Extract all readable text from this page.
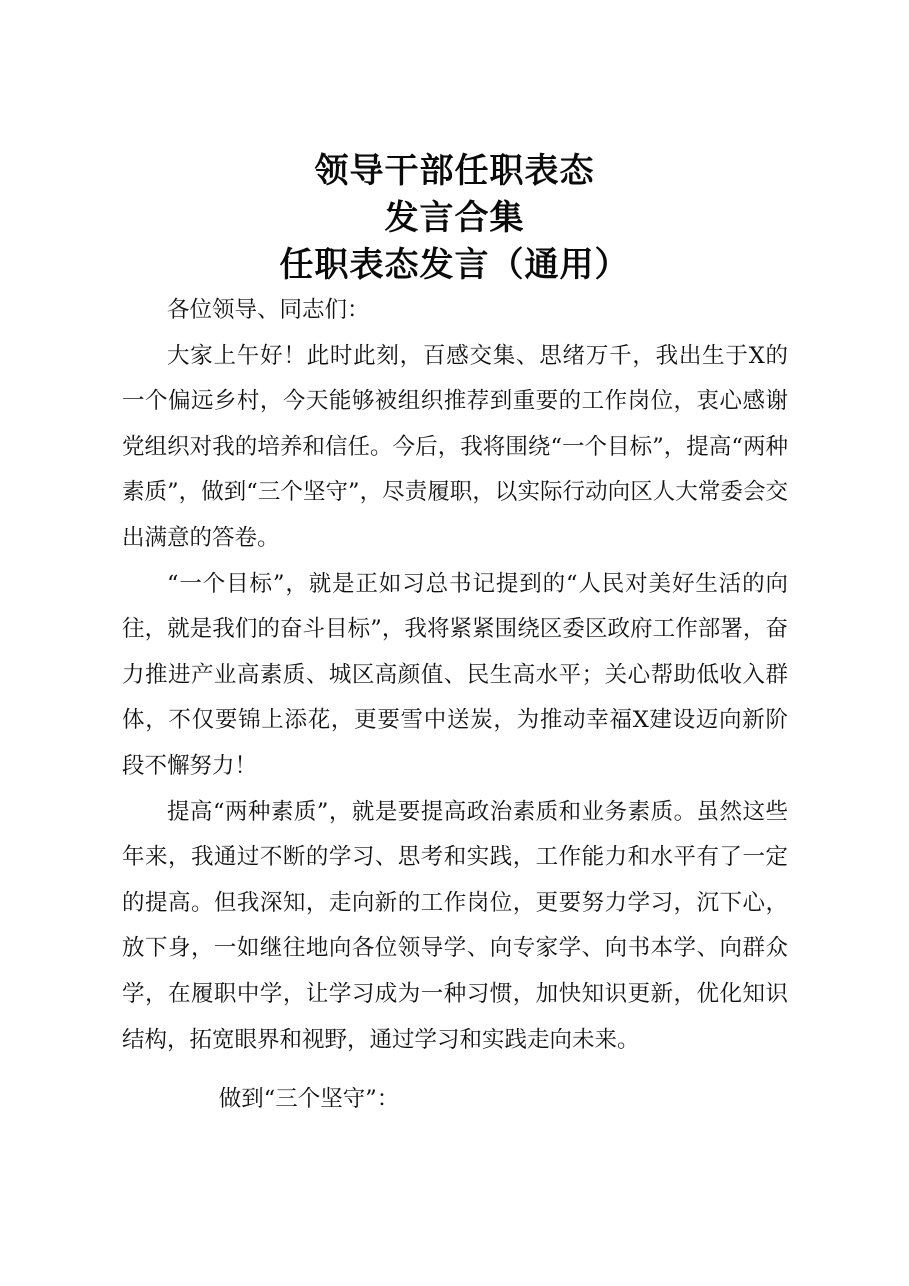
领导干部任职表态
发言合集
任职表态发言（通用）

各位领导、同志们：

大家上午好！此时此刻，百感交集、思绪万千，我出生于X的一个偏远乡村，今天能够被组织推荐到重要的工作岗位，衷心感谢党组织对我的培养和信任。今后，我将围绕“一个目标”，提高“两种素质”，做到“三个坚守”，尽责履职，以实际行动向区人大常委会交出满意的答卷。

“一个目标”，就是正如习总书记提到的“人民对美好生活的向往，就是我们的奋斗目标”，我将紧紧围绕区委区政府工作部署，奋力推进产业高素质、城区高颜值、民生高水平；关心帮助低收入群体，不仅要锦上添花，更要雪中送炭，为推动幸福X建设迈向新阶段不懈努力！

提高“两种素质”，就是要提高政治素质和业务素质。虽然这些年来，我通过不断的学习、思考和实践，工作能力和水平有了一定的提高。但我深知，走向新的工作岗位，更要努力学习，沉下心，放下身，一如继往地向各位领导学、向专家学、向书本学、向群众学，在履职中学，让学习成为一种习惯，加快知识更新，优化知识结构，拓宽眼界和视野，通过学习和实践走向未来。

做到“三个坚守”：
